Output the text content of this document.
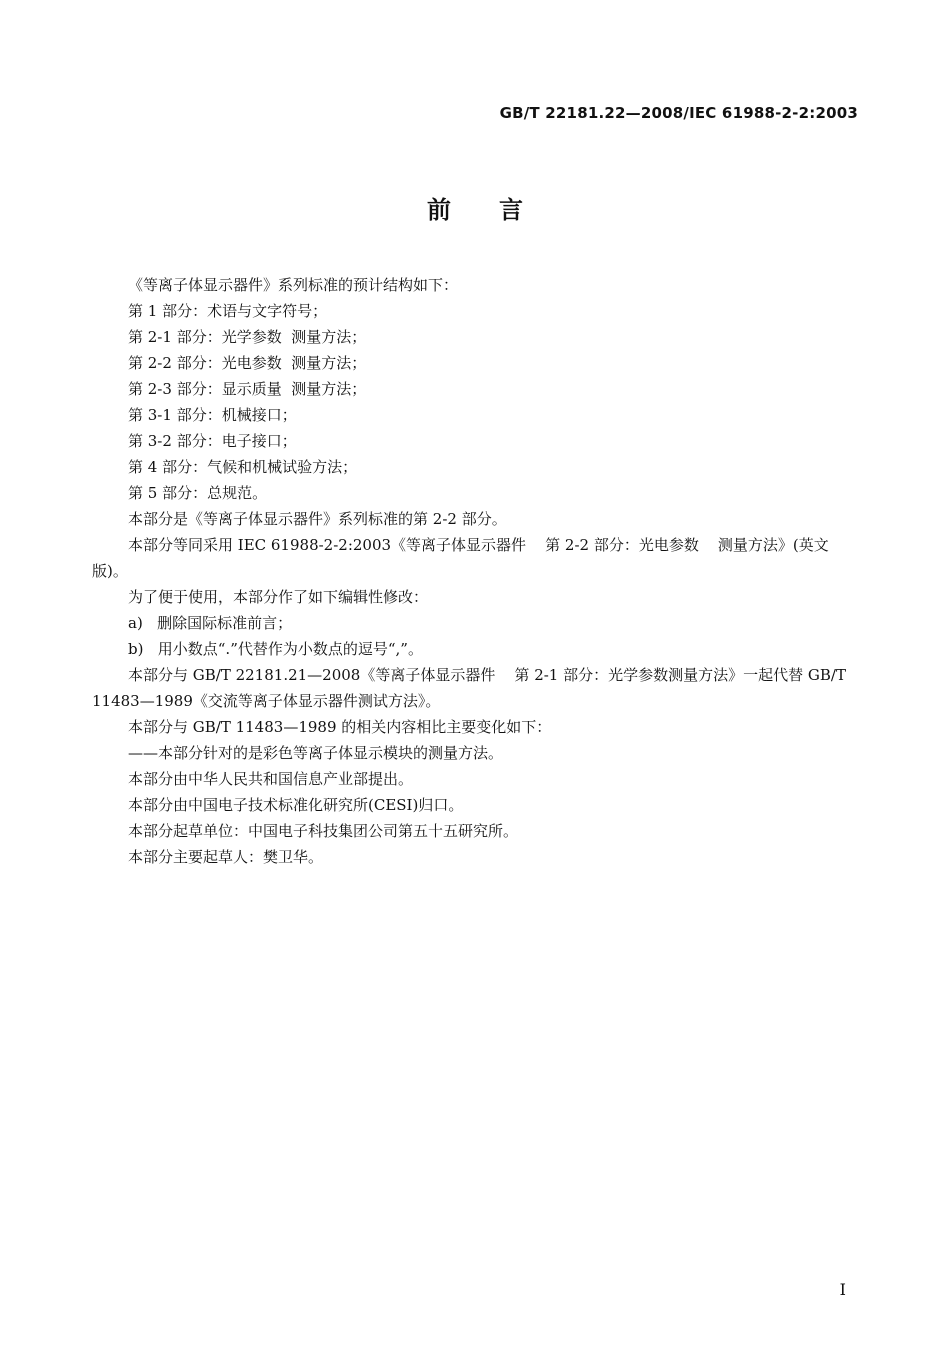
GB/T 22181.22—2008/IEC 61988-2-2:2003
前言

《等离子体显示器件》系列标准的预计结构如下：

第 1 部分：术语与文字符号；

第 2-1 部分：光学参数  测量方法；

第 2-2 部分：光电参数  测量方法；

第 2-3 部分：显示质量  测量方法；

第 3-1 部分：机械接口；

第 3-2 部分：电子接口；

第 4 部分：气候和机械试验方法；

第 5 部分：总规范。

本部分是《等离子体显示器件》系列标准的第 2-2 部分。

本部分等同采用 IEC 61988-2-2:2003《等离子体显示器件    第 2-2 部分：光电参数    测量方法》(英文版)。

为了便于使用，本部分作了如下编辑性修改：

a)   删除国际标准前言；

b)   用小数点“.”代替作为小数点的逗号“,”。

本部分与 GB/T 22181.21—2008《等离子体显示器件    第 2-1 部分：光学参数测量方法》一起代替 GB/T 11483—1989《交流等离子体显示器件测试方法》。

本部分与 GB/T 11483—1989 的相关内容相比主要变化如下：

——本部分针对的是彩色等离子体显示模块的测量方法。

本部分由中华人民共和国信息产业部提出。

本部分由中国电子技术标准化研究所(CESI)归口。

本部分起草单位：中国电子科技集团公司第五十五研究所。

本部分主要起草人：樊卫华。

I
